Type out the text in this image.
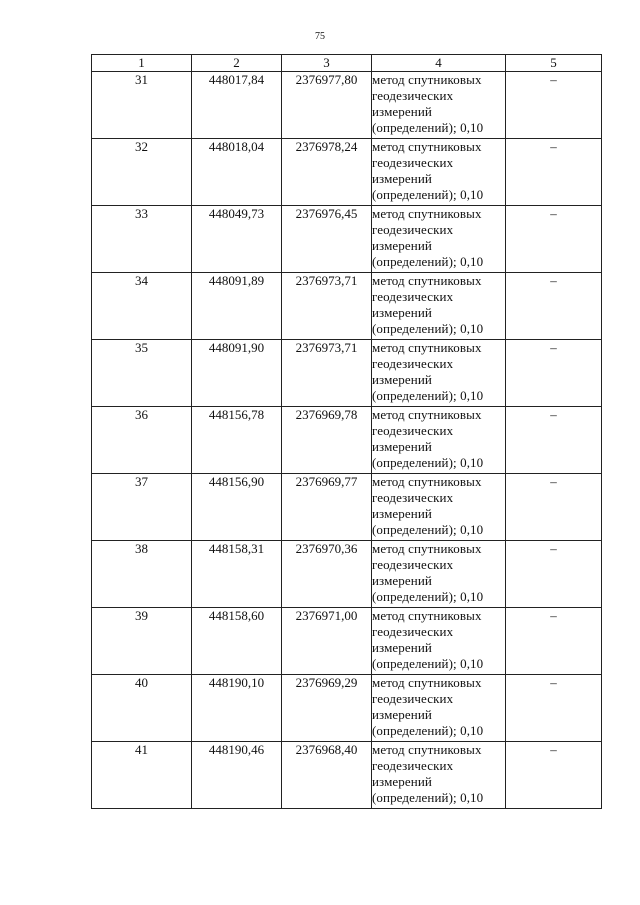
75
1	2	3	4	5
31	448017,84	2376977,80	метод спутниковых геодезических измерений (определений); 0,10	–
32	448018,04	2376978,24	метод спутниковых геодезических измерений (определений); 0,10	–
33	448049,73	2376976,45	метод спутниковых геодезических измерений (определений); 0,10	–
34	448091,89	2376973,71	метод спутниковых геодезических измерений (определений); 0,10	–
35	448091,90	2376973,71	метод спутниковых геодезических измерений (определений); 0,10	–
36	448156,78	2376969,78	метод спутниковых геодезических измерений (определений); 0,10	–
37	448156,90	2376969,77	метод спутниковых геодезических измерений (определений); 0,10	–
38	448158,31	2376970,36	метод спутниковых геодезических измерений (определений); 0,10	–
39	448158,60	2376971,00	метод спутниковых геодезических измерений (определений); 0,10	–
40	448190,10	2376969,29	метод спутниковых геодезических измерений (определений); 0,10	–
41	448190,46	2376968,40	метод спутниковых геодезических измерений (определений); 0,10	–
